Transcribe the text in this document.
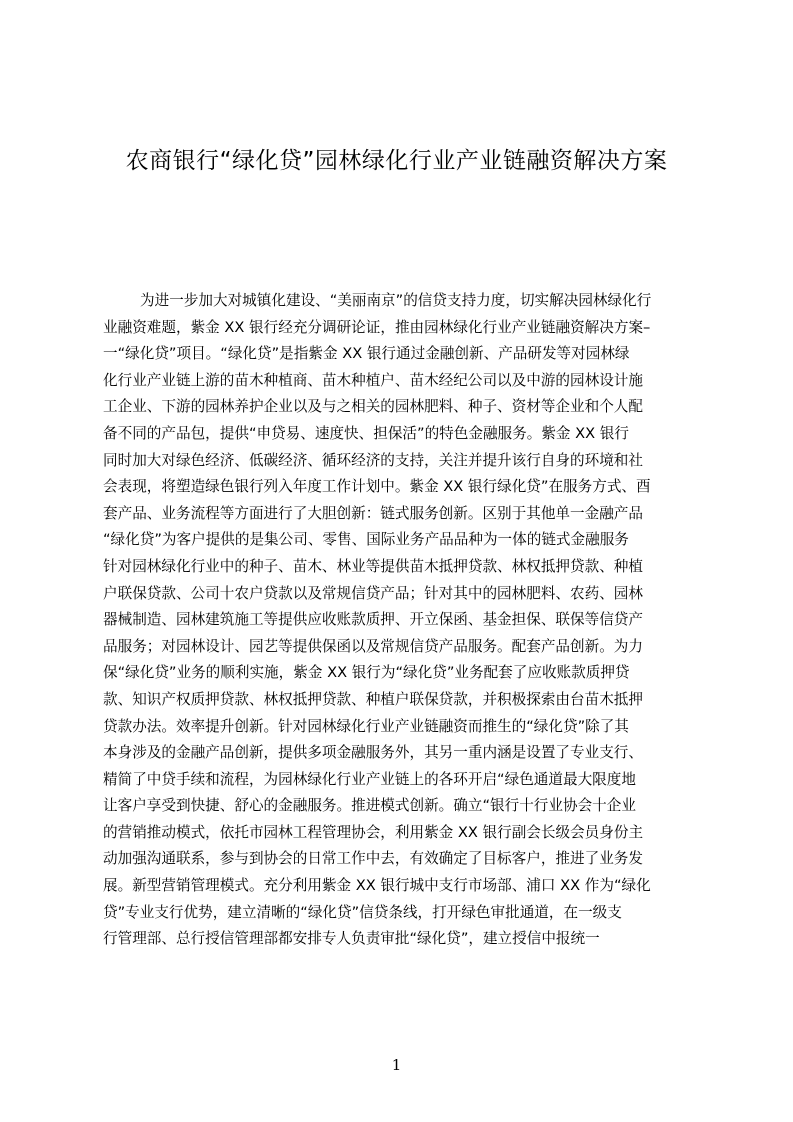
农商银行“绿化贷”园林绿化行业产业链融资解决方案
为进一步加大对城镇化建设、“美丽南京”的信贷支持力度，切实解决园林绿化行
业融资难题，紫金 XX 银行经充分调研论证，推由园林绿化行业产业链融资解决方案–
一“绿化贷”项目。“绿化贷”是指紫金 XX 银行通过金融创新、产品研发等对园林绿
化行业产业链上游的苗木种植商、苗木种植户、苗木经纪公司以及中游的园林设计施
工企业、下游的园林养护企业以及与之相关的园林肥料、种子、资材等企业和个人配
备不同的产品包，提供“申贷易、速度快、担保活”的特色金融服务。紫金 XX 银行
同时加大对绿色经济、低碳经济、循环经济的支持，关注并提升该行自身的环境和社
会表现，将塑造绿色银行列入年度工作计划中。紫金 XX 银行绿化贷”在服务方式、酉
套产品、业务流程等方面进行了大胆创新：链式服务创新。区别于其他单一金融产品
“绿化贷”为客户提供的是集公司、零售、国际业务产品品种为一体的链式金融服务
针对园林绿化行业中的种子、苗木、林业等提供苗木抵押贷款、林权抵押贷款、种植
户联保贷款、公司十农户贷款以及常规信贷产品；针对其中的园林肥料、农药、园林
器械制造、园林建筑施工等提供应收账款质押、开立保函、基金担保、联保等信贷产
品服务；对园林设计、园艺等提供保函以及常规信贷产品服务。配套产品创新。为力
保“绿化贷”业务的顺利实施，紫金 XX 银行为“绿化贷”业务配套了应收账款质押贷
款、知识产权质押贷款、林权抵押贷款、种植户联保贷款，并积极探索由台苗木抵押
贷款办法。效率提升创新。针对园林绿化行业产业链融资而推生的“绿化贷”除了其
本身涉及的金融产品创新，提供多项金融服务外，其另一重内涵是设置了专业支行、
精简了中贷手续和流程，为园林绿化行业产业链上的各环开启“绿色通道最大限度地
让客户享受到快捷、舒心的金融服务。推进模式创新。确立“银行十行业协会十企业
的营销推动模式，依托市园林工程管理协会，利用紫金 XX 银行副会长级会员身份主
动加强沟通联系，参与到协会的日常工作中去，有效确定了目标客户，推进了业务发
展。新型营销管理模式。充分利用紫金 XX 银行城中支行市场部、浦口 XX 作为“绿化
贷”专业支行优势，建立清晰的“绿化贷”信贷条线，打开绿色审批通道，在一级支
行管理部、总行授信管理部都安排专人负责审批“绿化贷”，建立授信中报统一
1
